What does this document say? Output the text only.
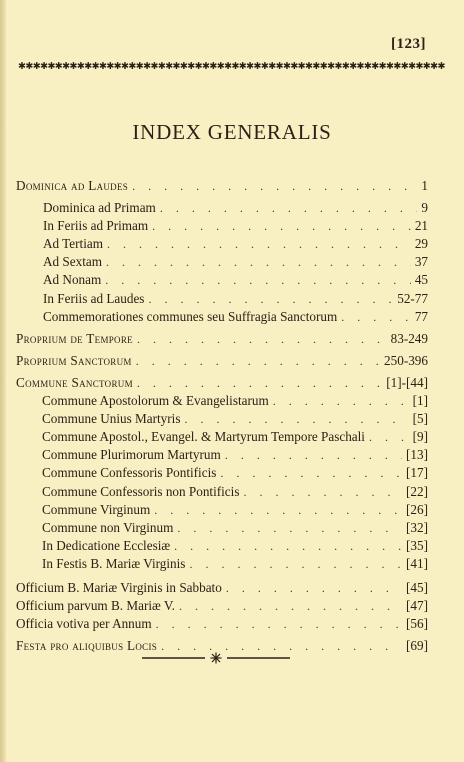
[123]
✱✱✱✱✱✱✱✱✱✱✱✱✱✱✱✱✱✱✱✱✱✱✱✱✱✱✱✱✱✱✱✱✱✱✱✱✱✱✱✱✱✱✱✱✱✱✱✱✱✱✱✱✱✱✱✱✱✱
INDEX GENERALIS
Dominica ad Laudes . . .	1
Dominica ad Primam . . .	9
In Feriis ad Primam . . .	21
Ad Tertiam . . .	29
Ad Sextam . . .	37
Ad Nonam . . .	45
In Feriis ad Laudes . . .	52-77
Commemorationes communes seu Suffragia Sanctorum . . .	77
Proprium de Tempore . . .	83-249
Proprium Sanctorum . . .	250-396
Commune Sanctorum . . .	[1]-[44]
Commune Apostolorum & Evangelistarum . . .	[1]
Commune Unius Martyris . . .	[5]
Commune Apostol., Evangel. & Martyrum Tempore Paschali . . .	[9]
Commune Plurimorum Martyrum . . .	[13]
Commune Confessoris Pontificis . . .	[17]
Commune Confessoris non Pontificis . . .	[22]
Commune Virginum . . .	[26]
Commune non Virginum . . .	[32]
In Dedicatione Ecclesiæ . . .	[35]
In Festis B. Mariæ Virginis . . .	[41]
Officium B. Mariæ Virginis in Sabbato . . .	[45]
Officium parvum B. Mariæ V. . . .	[47]
Officia votiva per Annum . . .	[56]
Festa pro aliquibus Locis . . .	[69]
